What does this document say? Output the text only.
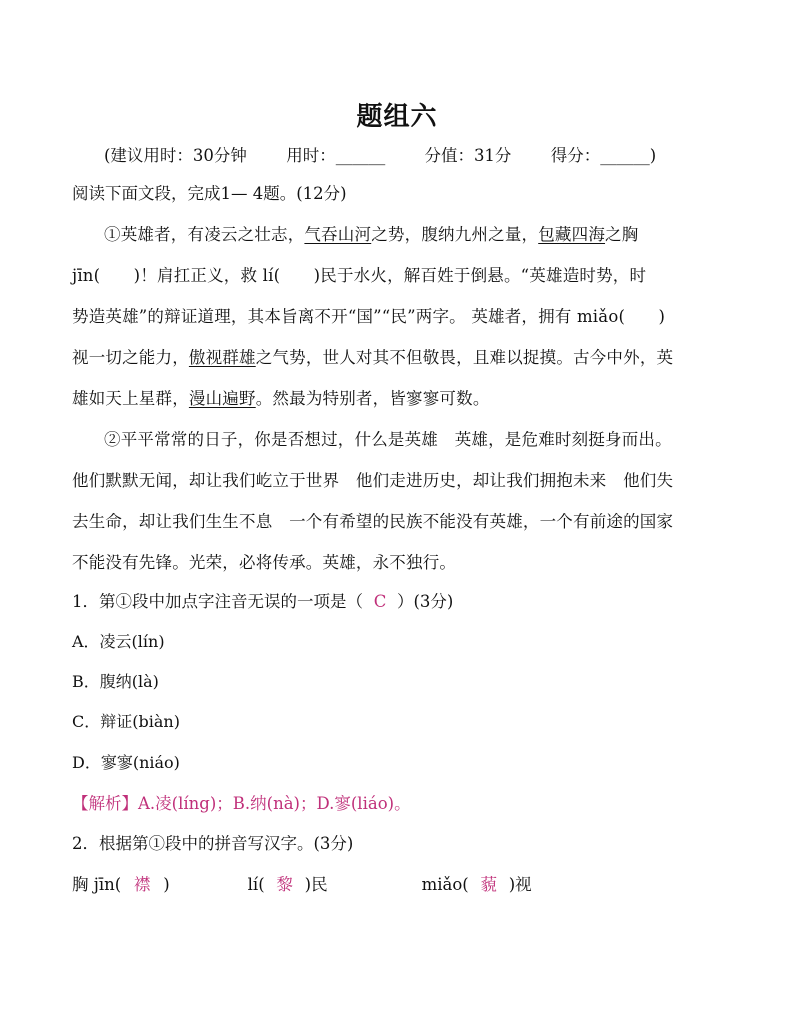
题组六
(建议用时：30分钟 用时：______ 分值：31分 得分：______)
阅读下面文段，完成1— 4题。(12分)
①英雄者，有凌云之壮志，气吞山河之势，腹纳九州之量，包藏四海之胸
jīn(　　)！肩扛正义，救 lí(　　)民于水火，解百姓于倒悬。“英雄造时势，时
势造英雄”的辩证道理，其本旨离不开“国”“民”两字。 英雄者，拥有 miǎo(　　)
视一切之能力，傲视群雄之气势，世人对其不但敬畏，且难以捉摸。古今中外，英
雄如天上星群，漫山遍野。然最为特别者，皆寥寥可数。
②平平常常的日子，你是否想过，什么是英雄　英雄，是危难时刻挺身而出。
他们默默无闻，却让我们屹立于世界　他们走进历史，却让我们拥抱未来　他们失
去生命，却让我们生生不息　一个有希望的民族不能没有英雄，一个有前途的国家
不能没有先锋。光荣，必将传承。英雄，永不独行。
1．第①段中加点字注音无误的一项是（ C ）(3分)
A．凌云(lín)
B．腹纳(là)
C．辩证(biàn)
D．寥寥(niáo)
【解析】A.凌(líng)；B.纳(nà)；D.寥(liáo)。
2．根据第①段中的拼音写汉字。(3分)
胸 jīn( 襟 )	lí( 黎 )民	miǎo( 藐 )视
